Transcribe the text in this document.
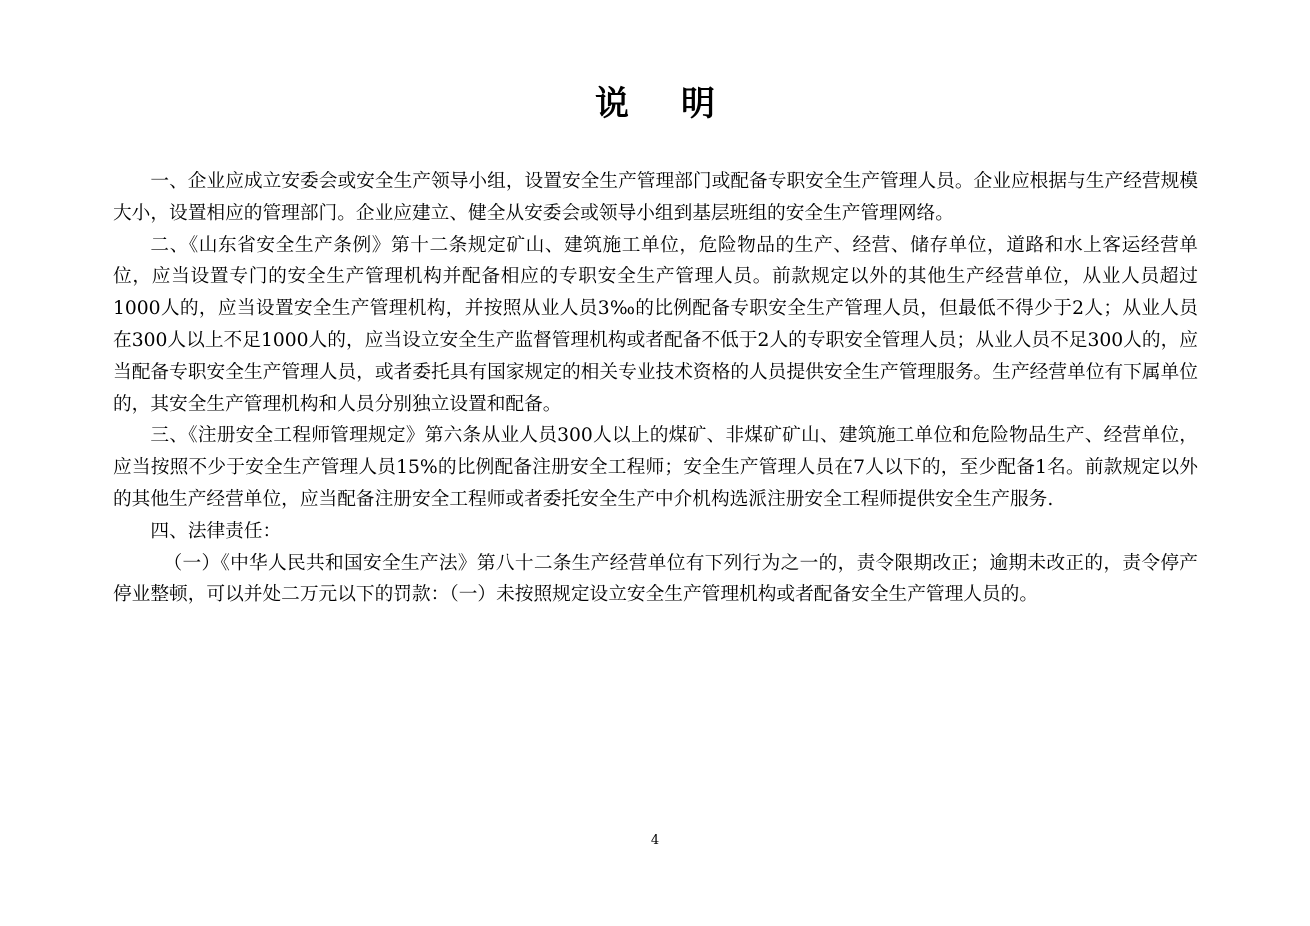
说明

一、企业应成立安委会或安全生产领导小组，设置安全生产管理部门或配备专职安全生产管理人员。企业应根据与生产经营规模大小，设置相应的管理部门。企业应建立、健全从安委会或领导小组到基层班组的安全生产管理网络。

二、《山东省安全生产条例》第十二条规定矿山、建筑施工单位，危险物品的生产、经营、储存单位，道路和水上客运经营单位，应当设置专门的安全生产管理机构并配备相应的专职安全生产管理人员。前款规定以外的其他生产经营单位，从业人员超过1000人的，应当设置安全生产管理机构，并按照从业人员3‰的比例配备专职安全生产管理人员，但最低不得少于2人；从业人员在300人以上不足1000人的，应当设立安全生产监督管理机构或者配备不低于2人的专职安全管理人员；从业人员不足300人的，应当配备专职安全生产管理人员，或者委托具有国家规定的相关专业技术资格的人员提供安全生产管理服务。生产经营单位有下属单位的，其安全生产管理机构和人员分别独立设置和配备。

三、《注册安全工程师管理规定》第六条从业人员300人以上的煤矿、非煤矿矿山、建筑施工单位和危险物品生产、经营单位，应当按照不少于安全生产管理人员15%的比例配备注册安全工程师；安全生产管理人员在7人以下的，至少配备1名。前款规定以外的其他生产经营单位，应当配备注册安全工程师或者委托安全生产中介机构选派注册安全工程师提供安全生产服务.

四、法律责任：

（一）《中华人民共和国安全生产法》第八十二条生产经营单位有下列行为之一的，责令限期改正；逾期未改正的，责令停产停业整顿，可以并处二万元以下的罚款：（一）未按照规定设立安全生产管理机构或者配备安全生产管理人员的。

4
